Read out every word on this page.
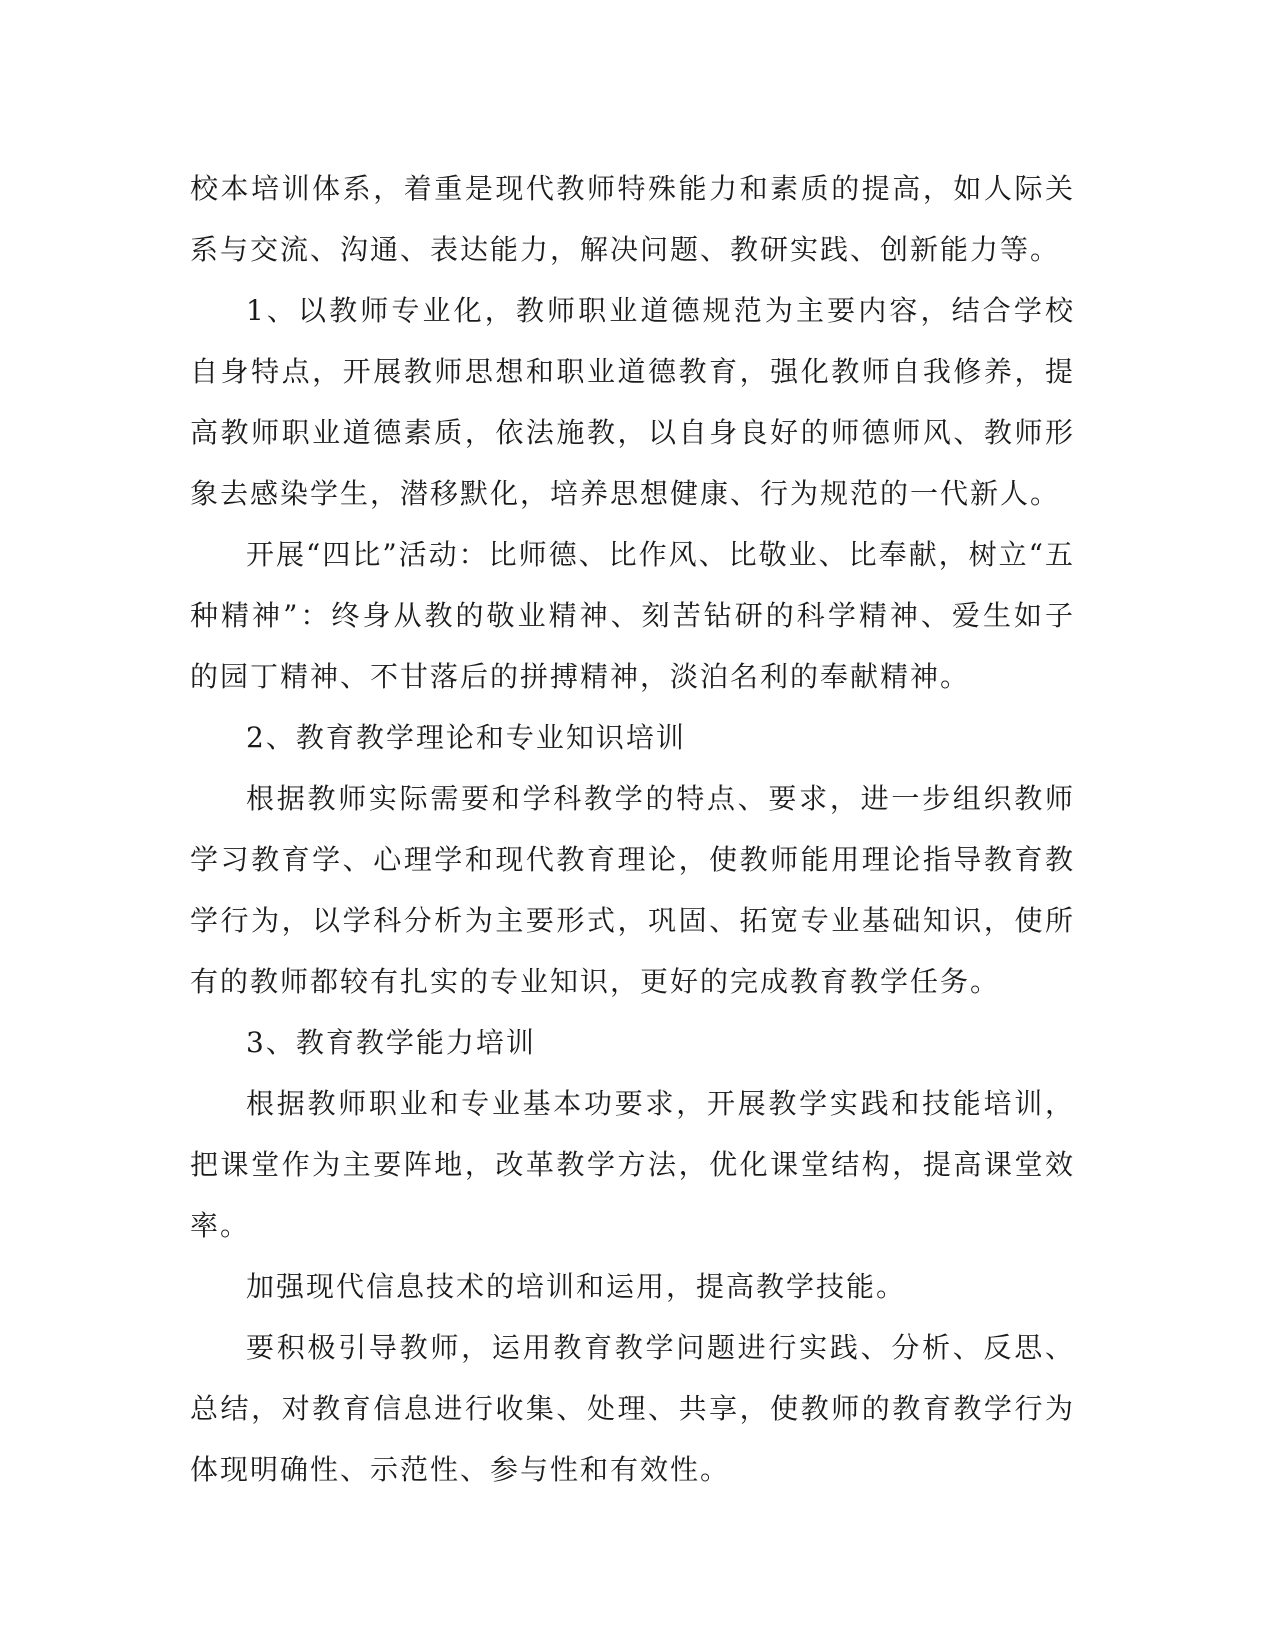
校本培训体系，着重是现代教师特殊能力和素质的提高，如人际关系与交流、沟通、表达能力，解决问题、教研实践、创新能力等。

1、以教师专业化，教师职业道德规范为主要内容，结合学校自身特点，开展教师思想和职业道德教育，强化教师自我修养，提高教师职业道德素质，依法施教，以自身良好的师德师风、教师形象去感染学生，潜移默化，培养思想健康、行为规范的一代新人。

开展“四比”活动：比师德、比作风、比敬业、比奉献，树立“五种精神”：终身从教的敬业精神、刻苦钻研的科学精神、爱生如子的园丁精神、不甘落后的拼搏精神，淡泊名利的奉献精神。

2、教育教学理论和专业知识培训

根据教师实际需要和学科教学的特点、要求，进一步组织教师学习教育学、心理学和现代教育理论，使教师能用理论指导教育教学行为，以学科分析为主要形式，巩固、拓宽专业基础知识，使所有的教师都较有扎实的专业知识，更好的完成教育教学任务。

3、教育教学能力培训

根据教师职业和专业基本功要求，开展教学实践和技能培训，把课堂作为主要阵地，改革教学方法，优化课堂结构，提高课堂效率。

加强现代信息技术的培训和运用，提高教学技能。

要积极引导教师，运用教育教学问题进行实践、分析、反思、总结，对教育信息进行收集、处理、共享，使教师的教育教学行为体现明确性、示范性、参与性和有效性。
